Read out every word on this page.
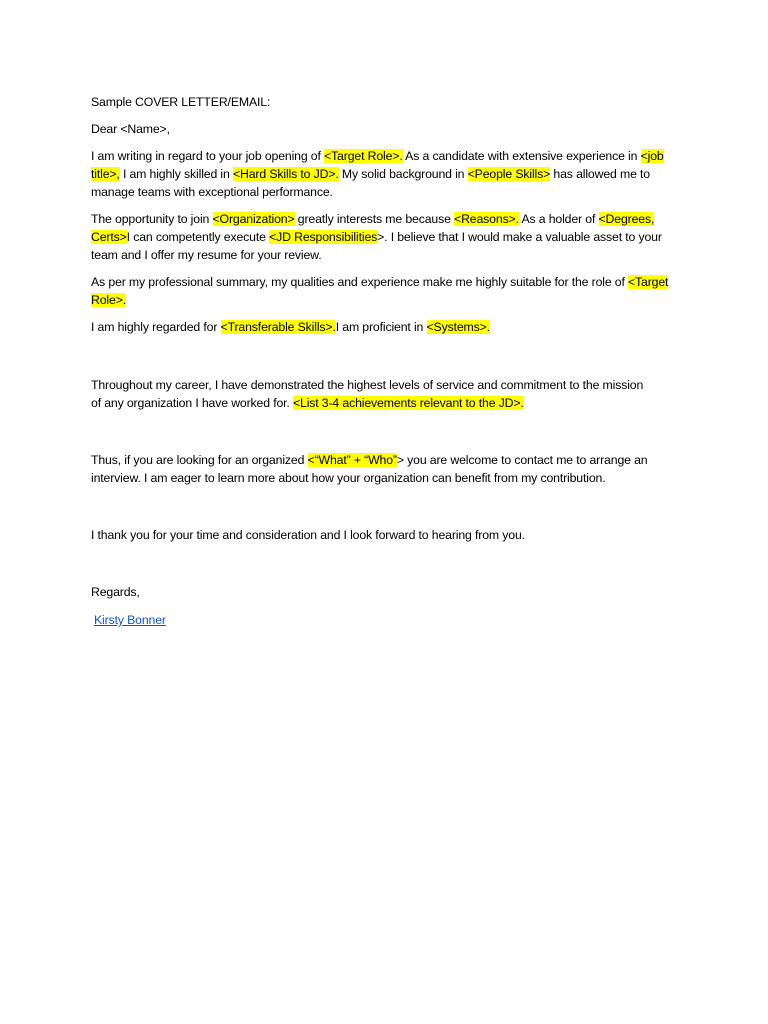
Sample COVER LETTER/EMAIL:

Dear <Name>,

I am writing in regard to your job opening of <Target Role>. As a candidate with extensive experience in <job title>, I am highly skilled in <Hard Skills to JD>. My solid background in <People Skills> has allowed me to manage teams with exceptional performance.

The opportunity to join <Organization> greatly interests me because <Reasons>. As a holder of <Degrees, Certs>I can competently execute <JD Responsibilities>. I believe that I would make a valuable asset to your team and I offer my resume for your review.

As per my professional summary, my qualities and experience make me highly suitable for the role of <Target Role>.

I am highly regarded for <Transferable Skills>.I am proficient in <Systems>.

Throughout my career, I have demonstrated the highest levels of service and commitment to the mission of any organization I have worked for. <List 3-4 achievements relevant to the JD>.

Thus, if you are looking for an organized <“What” + “Who”> you are welcome to contact me to arrange an interview. I am eager to learn more about how your organization can benefit from my contribution.

I thank you for your time and consideration and I look forward to hearing from you.

Regards,

Kirsty Bonner
